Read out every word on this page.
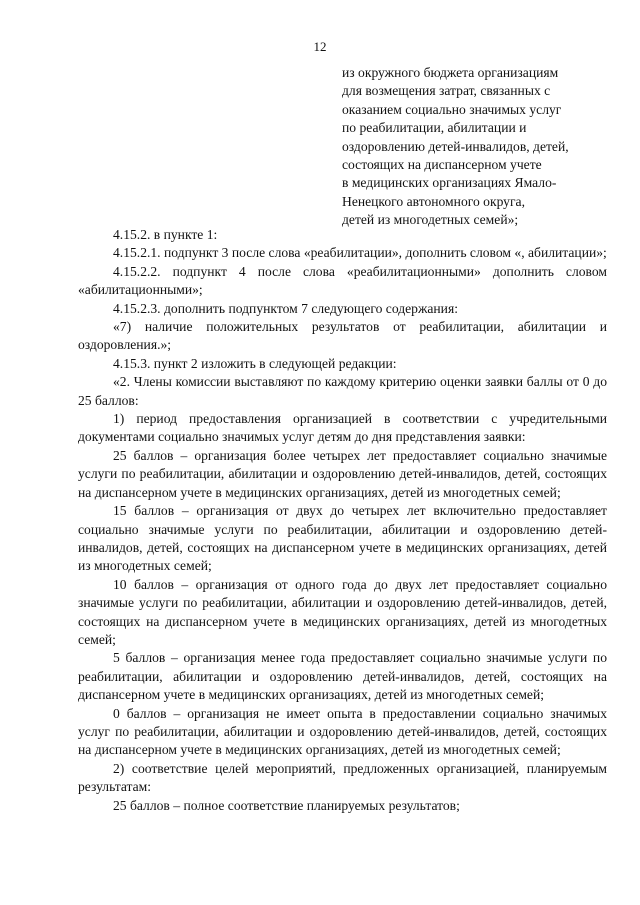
12
из окружного бюджета организациям
для возмещения затрат, связанных с
оказанием социально значимых услуг
по реабилитации, абилитации и
оздоровлению детей-инвалидов, детей,
состоящих на диспансерном учете
в медицинских организациях Ямало-
Ненецкого автономного округа,
детей из многодетных семей»;

4.15.2. в пункте 1:

4.15.2.1. подпункт 3 после слова «реабилитации», дополнить словом «, абилитации»;

4.15.2.2. подпункт 4 после слова «реабилитационными» дополнить словом «абилитационными»;

4.15.2.3. дополнить подпунктом 7 следующего содержания:

«7) наличие положительных результатов от реабилитации, абилитации и оздоровления.»;

4.15.3. пункт 2 изложить в следующей редакции:

«2. Члены комиссии выставляют по каждому критерию оценки заявки баллы от 0 до 25 баллов:

1) период предоставления организацией в соответствии с учредительными документами социально значимых услуг детям до дня представления заявки:

25 баллов – организация более четырех лет предоставляет социально значимые услуги по реабилитации, абилитации и оздоровлению детей-инвалидов, детей, состоящих на диспансерном учете в медицинских организациях, детей из многодетных семей;

15 баллов – организация от двух до четырех лет включительно предоставляет социально значимые услуги по реабилитации, абилитации и оздоровлению детей-инвалидов, детей, состоящих на диспансерном учете в медицинских организациях, детей из многодетных семей;

10 баллов – организация от одного года до двух лет предоставляет социально значимые услуги по реабилитации, абилитации и оздоровлению детей-инвалидов, детей, состоящих на диспансерном учете в медицинских организациях, детей из многодетных семей;

5 баллов – организация менее года предоставляет социально значимые услуги по реабилитации, абилитации и оздоровлению детей-инвалидов, детей, состоящих на диспансерном учете в медицинских организациях, детей из многодетных семей;

0 баллов – организация не имеет опыта в предоставлении социально значимых услуг по реабилитации, абилитации и оздоровлению детей-инвалидов, детей, состоящих на диспансерном учете в медицинских организациях, детей из многодетных семей;

2) соответствие целей мероприятий, предложенных организацией, планируемым результатам:

25 баллов – полное соответствие планируемых результатов;
